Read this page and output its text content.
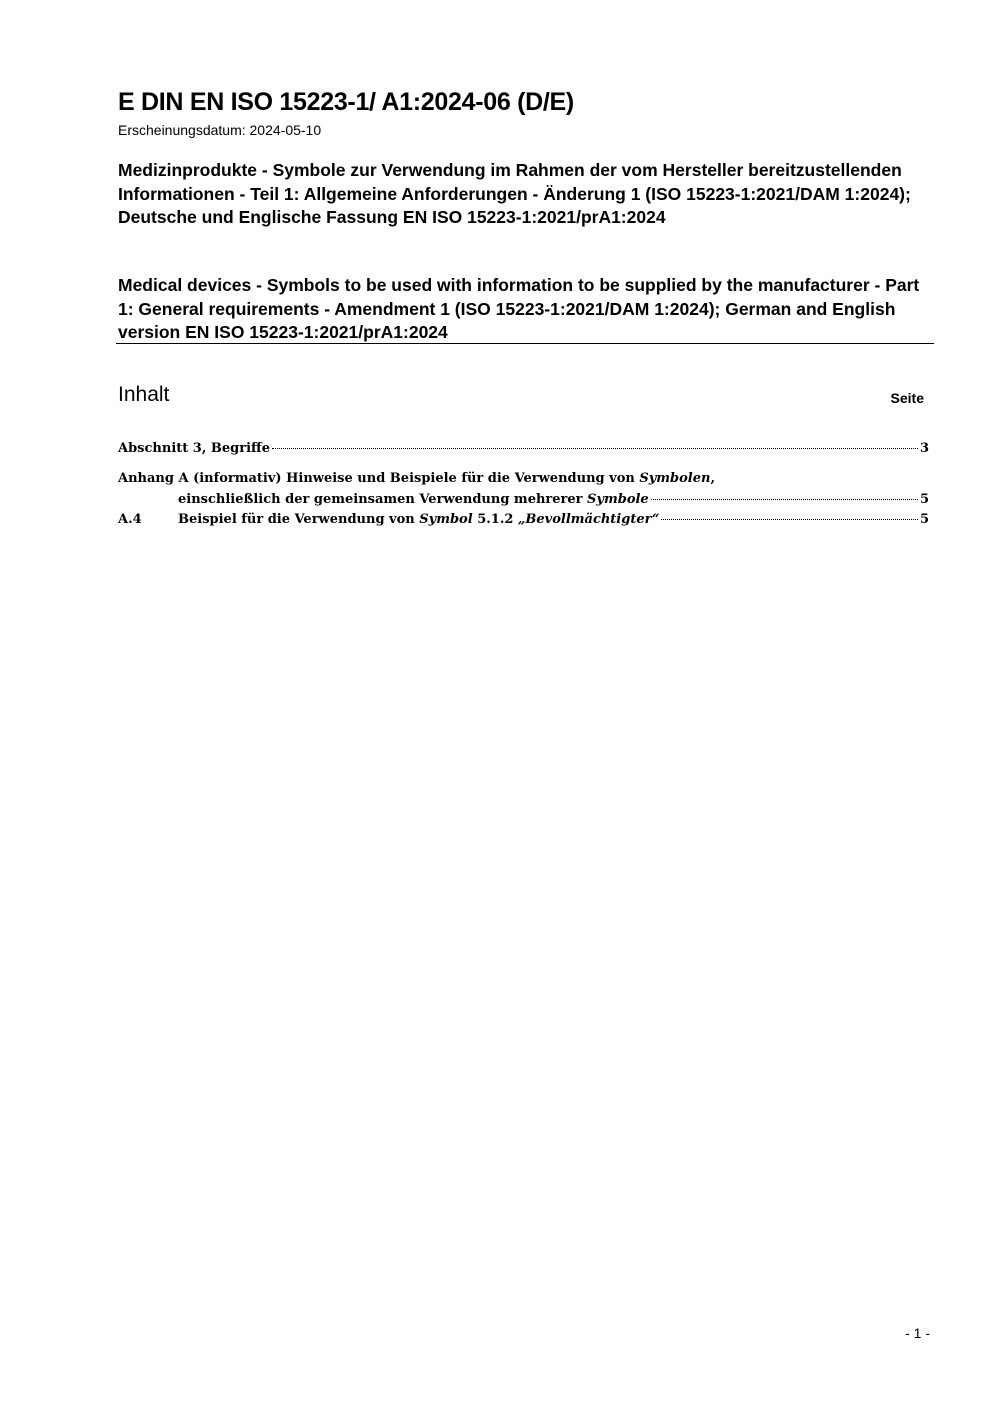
E DIN EN ISO 15223-1/ A1:2024-06 (D/E)
Erscheinungsdatum: 2024-05-10
Medizinprodukte - Symbole zur Verwendung im Rahmen der vom Hersteller bereitzustellenden Informationen - Teil 1: Allgemeine Anforderungen - Änderung 1 (ISO 15223-1:2021/DAM 1:2024); Deutsche und Englische Fassung EN ISO 15223-1:2021/prA1:2024
Medical devices - Symbols to be used with information to be supplied by the manufacturer - Part 1: General requirements - Amendment 1 (ISO 15223-1:2021/DAM 1:2024); German and English version EN ISO 15223-1:2021/prA1:2024
Inhalt	Seite
Abschnitt 3, Begriffe	3
Anhang A (informativ) Hinweise und Beispiele für die Verwendung von Symbolen,
einschließlich der gemeinsamen Verwendung mehrerer Symbole	5
A.4	Beispiel für die Verwendung von Symbol 5.1.2 „Bevollmächtigter“	5
- 1 -
